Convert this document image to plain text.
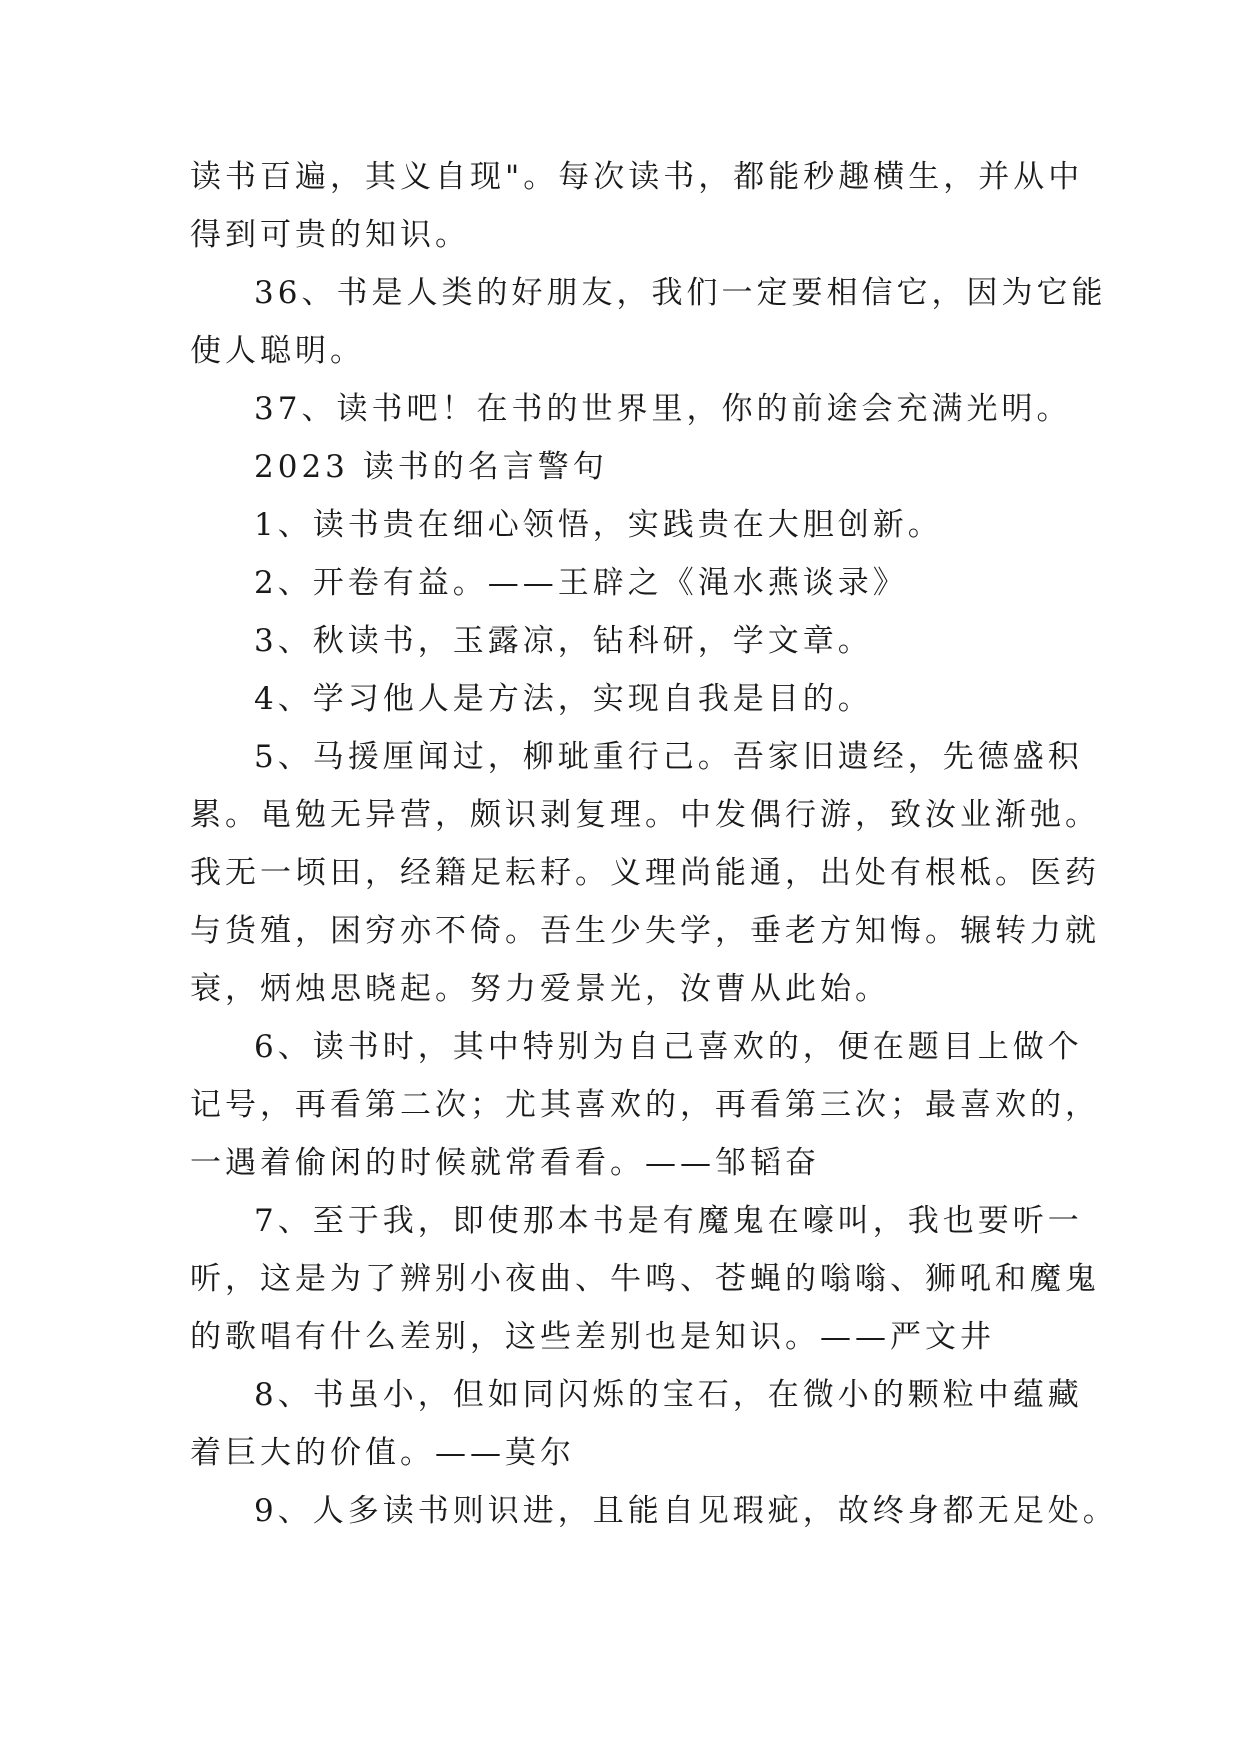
读书百遍，其义自现"。每次读书，都能秒趣横生，并从中
得到可贵的知识。
36、书是人类的好朋友，我们一定要相信它，因为它能
使人聪明。
37、读书吧！在书的世界里，你的前途会充满光明。
2023 读书的名言警句
1、读书贵在细心领悟，实践贵在大胆创新。
2、开卷有益。——王辟之《渑水燕谈录》
3、秋读书，玉露凉，钻科研，学文章。
4、学习他人是方法，实现自我是目的。
5、马援厘闻过，柳玼重行己。吾家旧遗经，先德盛积
累。黾勉无异营，颇识剥复理。中发偶行游，致汝业渐弛。
我无一顷田，经籍足耘耔。义理尚能通，出处有根柢。医药
与货殖，困穷亦不倚。吾生少失学，垂老方知悔。辗转力就
衰，炳烛思晓起。努力爱景光，汝曹从此始。
6、读书时，其中特别为自己喜欢的，便在题目上做个
记号，再看第二次；尤其喜欢的，再看第三次；最喜欢的，
一遇着偷闲的时候就常看看。——邹韬奋
7、至于我，即使那本书是有魔鬼在嚎叫，我也要听一
听，这是为了辨别小夜曲、牛鸣、苍蝇的嗡嗡、狮吼和魔鬼
的歌唱有什么差别，这些差别也是知识。——严文井
8、书虽小，但如同闪烁的宝石，在微小的颗粒中蕴藏
着巨大的价值。——莫尔
9、人多读书则识进，且能自见瑕疵，故终身都无足处。
